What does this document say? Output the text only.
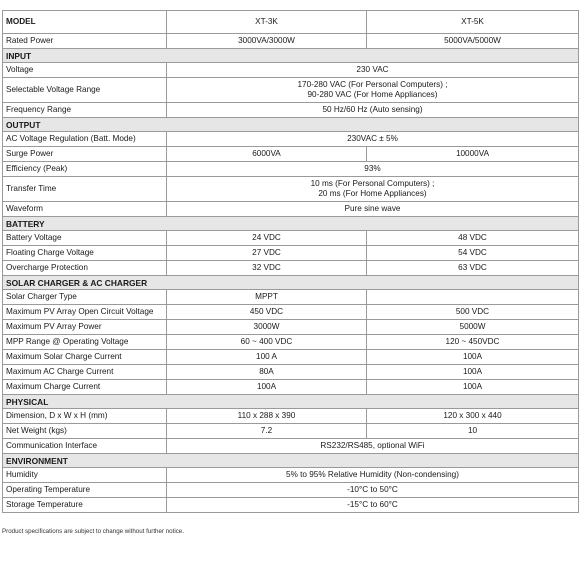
MODEL	XT-3K	XT-5K
Rated Power	3000VA/3000W	5000VA/5000W
INPUT		
Voltage	230 VAC	
Selectable Voltage Range	170-280 VAC (For Personal Computers) ;
90-280 VAC (For Home Appliances)	

Frequency Range	50 Hz/60 Hz (Auto sensing)	
OUTPUT		
AC Voltage Regulation (Batt. Mode)	230VAC ± 5%	
Surge Power	6000VA	10000VA
Efficiency (Peak)	93%	
Transfer Time	10 ms (For Personal Computers) ;
20 ms (For Home Appliances)	

Waveform	Pure sine wave	
BATTERY		
Battery Voltage	24 VDC	48 VDC
Floating Charge Voltage	27 VDC	54 VDC
Overcharge Protection	32 VDC	63 VDC
SOLAR CHARGER & AC CHARGER		
Solar Charger Type	MPPT	
Maximum PV Array Open Circuit Voltage	450 VDC	500 VDC
Maximum PV Array Power	3000W	5000W
MPP Range @ Operating Voltage	60 ~ 400 VDC	120 ~ 450VDC
Maximum Solar Charge Current	100 A	100A
Maximum AC Charge Current	80A	100A
Maximum Charge Current	100A	100A
PHYSICAL		
Dimension, D x W x H (mm)	110 x 288 x 390	120 x 300 x 440
Net Weight (kgs)	7.2	10
Communication Interface	RS232/RS485, optional WiFi	
ENVIRONMENT		
Humidity	5% to 95% Relative Humidity (Non-condensing)	
Operating Temperature	-10°C to 50°C	
Storage Temperature	-15°C to 60°C	
Product specifications are subject to change without further notice.
